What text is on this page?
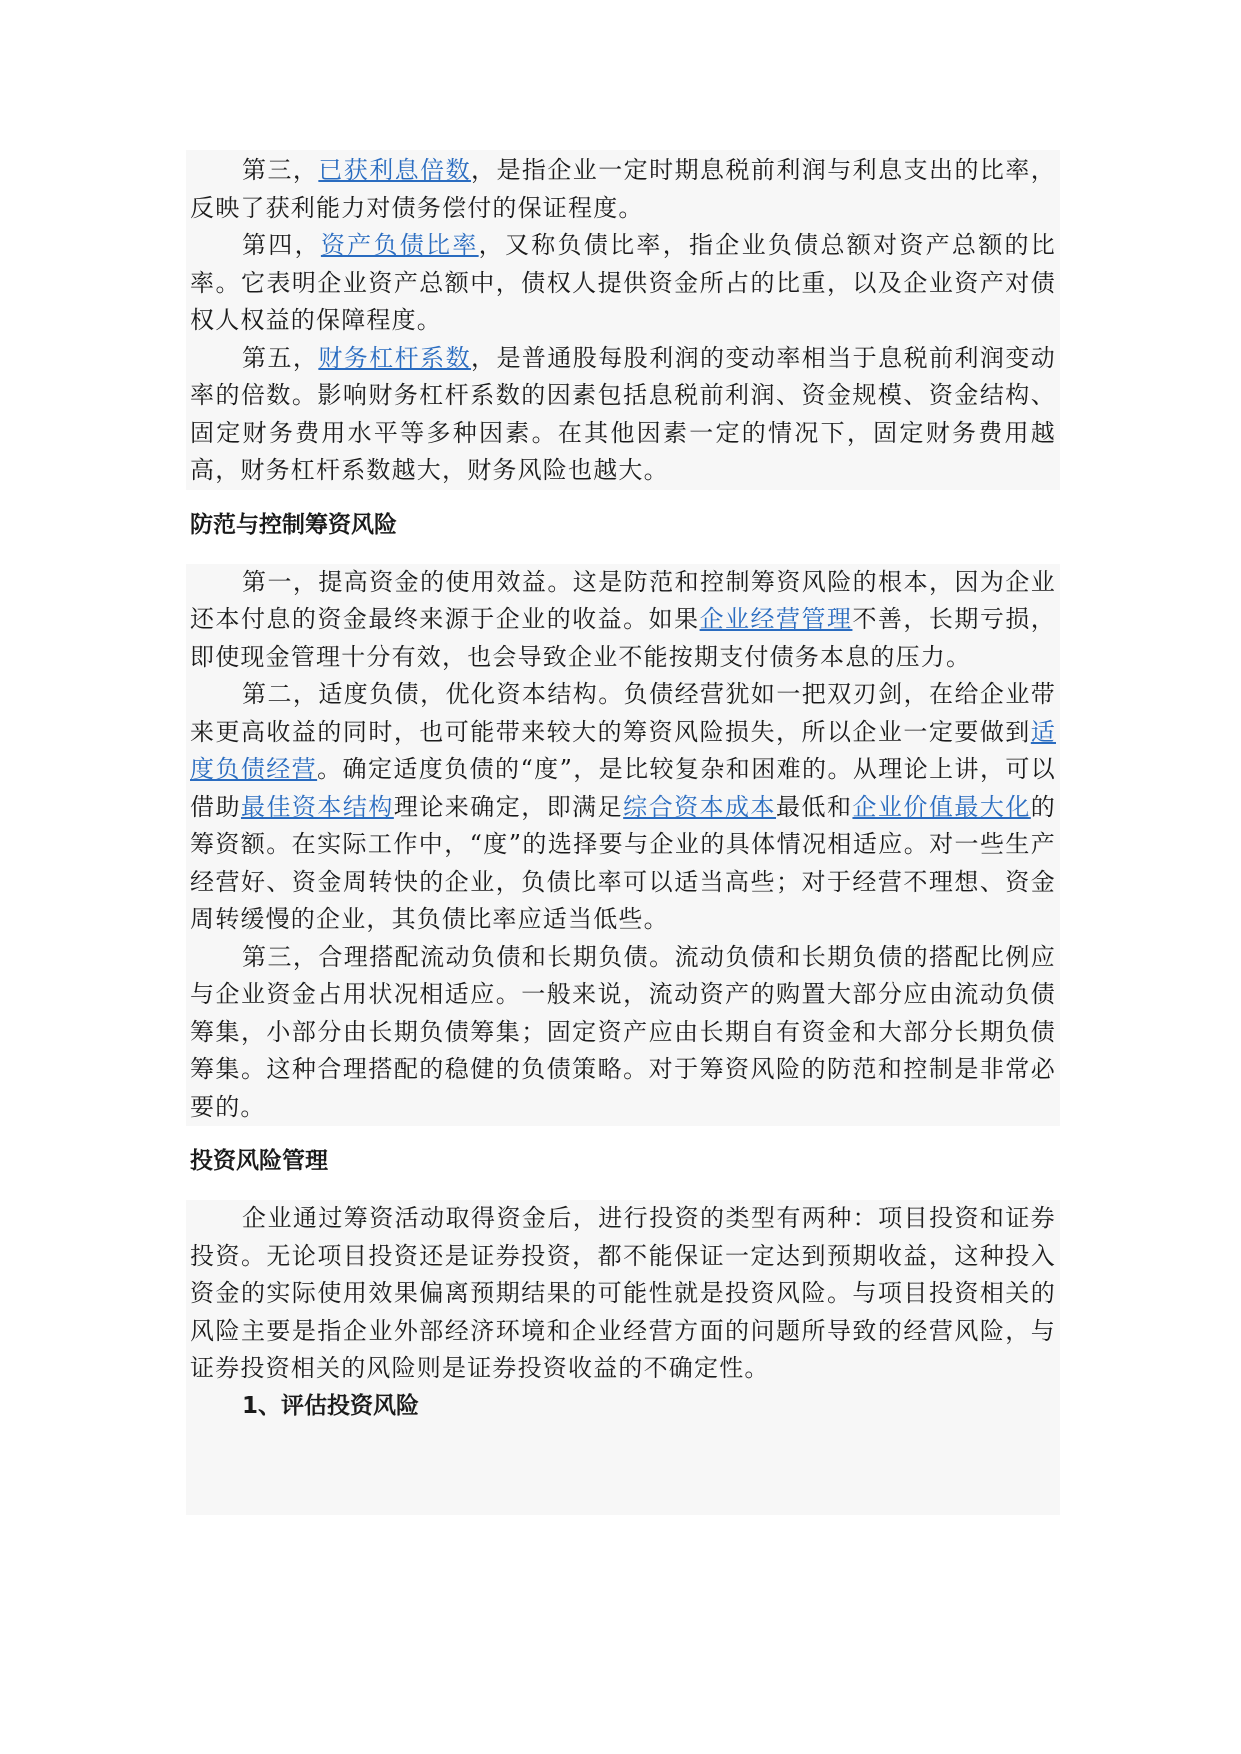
第三，已获利息倍数，是指企业一定时期息税前利润与利息支出的比率，反映了获利能力对债务偿付的保证程度。

第四，资产负债比率，又称负债比率，指企业负债总额对资产总额的比率。它表明企业资产总额中，债权人提供资金所占的比重，以及企业资产对债权人权益的保障程度。

第五，财务杠杆系数，是普通股每股利润的变动率相当于息税前利润变动率的倍数。影响财务杠杆系数的因素包括息税前利润、资金规模、资金结构、固定财务费用水平等多种因素。在其他因素一定的情况下，固定财务费用越高，财务杠杆系数越大，财务风险也越大。

防范与控制筹资风险

第一，提高资金的使用效益。这是防范和控制筹资风险的根本，因为企业还本付息的资金最终来源于企业的收益。如果企业经营管理不善，长期亏损，即使现金管理十分有效，也会导致企业不能按期支付债务本息的压力。

第二，适度负债，优化资本结构。负债经营犹如一把双刃剑，在给企业带来更高收益的同时，也可能带来较大的筹资风险损失，所以企业一定要做到适度负债经营。确定适度负债的“度”，是比较复杂和困难的。从理论上讲，可以借助最佳资本结构理论来确定，即满足综合资本成本最低和企业价值最大化的筹资额。在实际工作中，“度”的选择要与企业的具体情况相适应。对一些生产经营好、资金周转快的企业，负债比率可以适当高些；对于经营不理想、资金周转缓慢的企业，其负债比率应适当低些。

第三，合理搭配流动负债和长期负债。流动负债和长期负债的搭配比例应与企业资金占用状况相适应。一般来说，流动资产的购置大部分应由流动负债筹集，小部分由长期负债筹集；固定资产应由长期自有资金和大部分长期负债筹集。这种合理搭配的稳健的负债策略。对于筹资风险的防范和控制是非常必要的。

投资风险管理

企业通过筹资活动取得资金后，进行投资的类型有两种：项目投资和证券投资。无论项目投资还是证券投资，都不能保证一定达到预期收益，这种投入资金的实际使用效果偏离预期结果的可能性就是投资风险。与项目投资相关的风险主要是指企业外部经济环境和企业经营方面的问题所导致的经营风险，与证券投资相关的风险则是证券投资收益的不确定性。

1、评估投资风险
